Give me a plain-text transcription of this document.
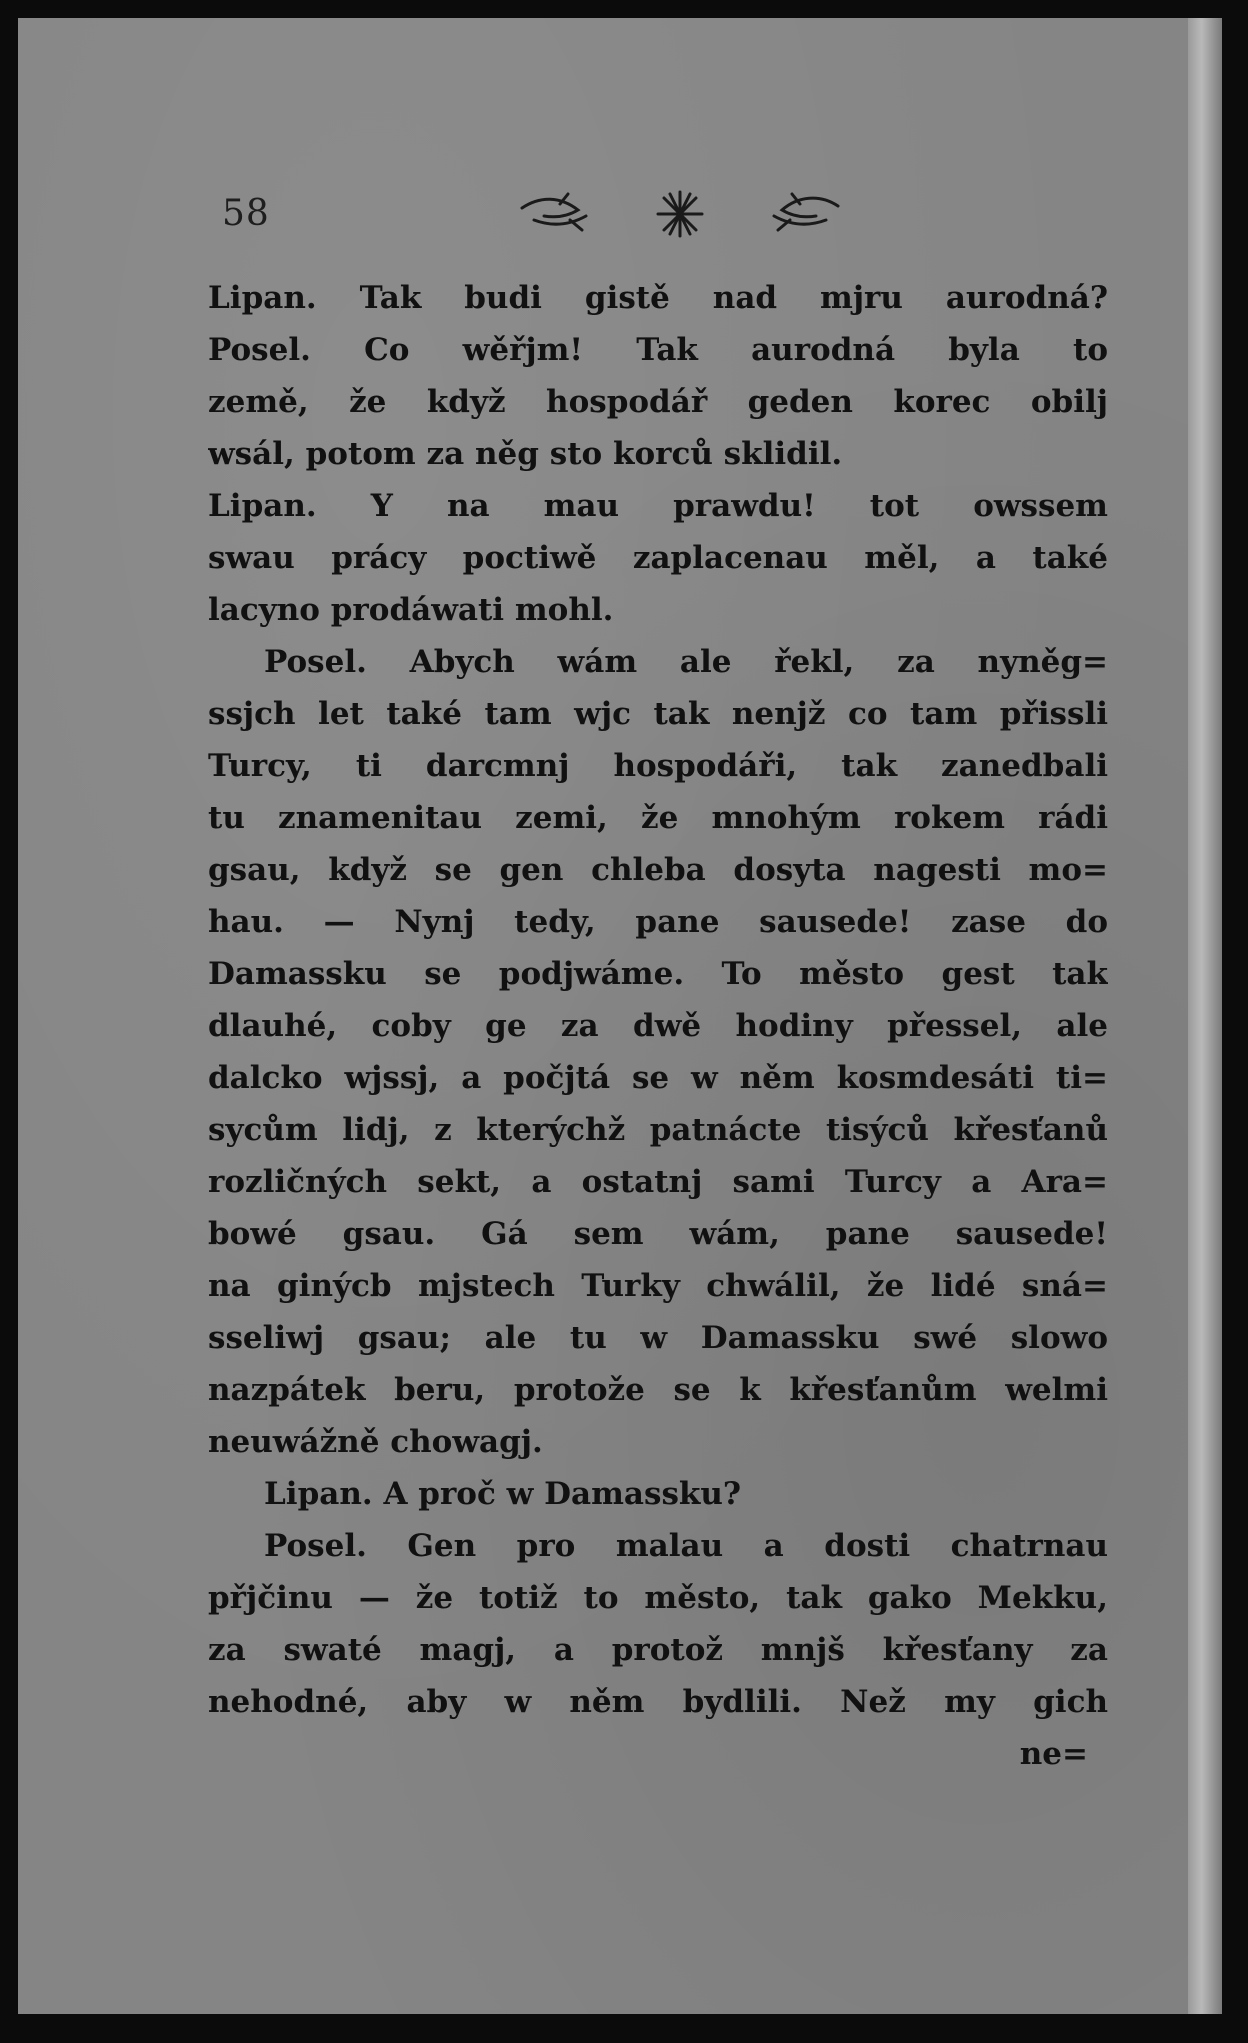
58
Lipan. Tak budi gistě nad mjru aurodná?
Posel. Co wěřjm! Tak aurodná byla to
země, že když hospodář geden korec obilj
wsál, potom za něg sto korců sklidil.
Lipan. Y na mau prawdu! tot owssem
swau prácy poctiwě zaplacenau měl, a také
lacyno prodáwati mohl.
Posel. Abych wám ale řekl, za nyněg=
ssjch let také tam wjc tak nenjž co tam přissli
Turcy, ti darcmnj hospodáři, tak zanedbali
tu znamenitau zemi, že mnohým rokem rádi
gsau, když se gen chleba dosyta nagesti mo=
hau. — Nynj tedy, pane sausede! zase do
Damassku se podjwáme. To město gest tak
dlauhé, coby ge za dwě hodiny přessel, ale
dalcko wjssj, a počjtá se w něm kosmdesáti ti=
sycům lidj, z kterýchž patnácte tisýců křesťanů
rozličných sekt, a ostatnj sami Turcy a Ara=
bowé gsau. Gá sem wám, pane sausede!
na ginýcb mjstech Turky chwálil, že lidé sná=
sseliwj gsau; ale tu w Damassku swé slowo
nazpátek beru, protože se k křesťanům welmi
neuwážně chowagj.
Lipan. A proč w Damassku?
Posel. Gen pro malau a dosti chatrnau
přjčinu — že totiž to město, tak gako Mekku,
za swaté magj, a protož mnjš křesťany za
nehodné, aby w něm bydlili. Než my gich
ne=
